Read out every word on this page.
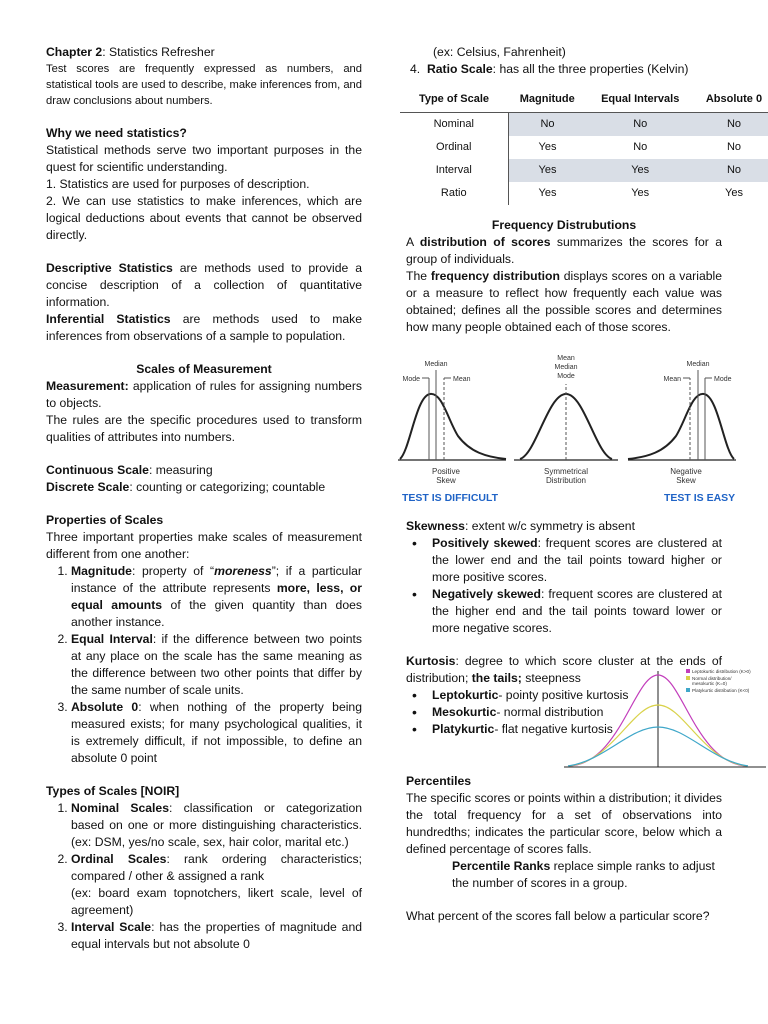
Chapter 2: Statistics Refresher

Test scores are frequently expressed as numbers, and statistical tools are used to describe, make inferences from, and draw conclusions about numbers.

Why we need statistics?

Statistical methods serve two important purposes in the quest for scientific understanding.

1. Statistics are used for purposes of description.

2. We can use statistics to make inferences, which are logical deductions about events that cannot be observed directly.

Descriptive Statistics are methods used to provide a concise description of a collection of quantitative information.

Inferential Statistics are methods used to make inferences from observations of a sample to population.

Scales of Measurement

Measurement: application of rules for assigning numbers to objects.

The rules are the specific procedures used to transform qualities of attributes into numbers.

Continuous Scale: measuring

Discrete Scale: counting or categorizing; countable

Properties of Scales

Three important properties make scales of measurement different from one another:

1. Magnitude: property of “moreness”; if a particular instance of the attribute represents more, less, or equal amounts of the given quantity than does another instance.
2. Equal Interval: if the difference between two points at any place on the scale has the same meaning as the difference between two other points that differ by the same number of scale units.
3. Absolute 0: when nothing of the property being measured exists; for many psychological qualities, it is extremely difficult, if not impossible, to define an absolute 0 point

Types of Scales [NOIR]

1. Nominal Scales: classification or categorization based on one or more distinguishing characteristics. (ex: DSM, yes/no scale, sex, hair color, marital etc.)
2. Ordinal Scales: rank ordering characteristics; compared / other & assigned a rank
(ex: board exam topnotchers, likert scale, level of agreement)
3. Interval Scale: has the properties of magnitude and equal intervals but not absolute 0

(ex: Celsius, Fahrenheit)

4. Ratio Scale: has all the three properties (Kelvin)

Type of Scale	Magnitude	Equal Intervals	Absolute 0
Nominal	No	No	No
Ordinal	Yes	No	No
Interval	Yes	Yes	No
Ratio	Yes	Yes	Yes

Frequency Distrubutions

A distribution of scores summarizes the scores for a group of individuals.

The frequency distribution displays scores on a variable or a measure to reflect how frequently each value was obtained; defines all the possible scores and determines how many people obtained each of those scores.

Median
Mode	Mean
Positive
Skew
Mean
Median
Mode
Symmetrical
Distribution
Median
Mean	Mode
Negative
Skew
TEST IS DIFFICULT	TEST IS EASY

Skewness: extent w/c symmetry is absent

• Positively skewed: frequent scores are clustered at the lower end and the tail points toward higher or more positive scores.
• Negatively skewed: frequent scores are clustered at the higher end and the tail points toward lower or more negative scores.

Kurtosis: degree to which score cluster at the ends of distribution; the tails; steepness

• Leptokurtic- pointy positive kurtosis
• Mesokurtic- normal distribution
• Platykurtic- flat negative kurtosis
Leptokurtic distribution (K>0)
Normal distribution/
mesokurtic (K=0)
Platykurtic distribution (K<0)

Percentiles

The specific scores or points within a distribution; it divides the total frequency for a set of observations into hundredths; indicates the particular score, below which a defined percentage of scores falls.

Percentile Ranks replace simple ranks to adjust the number of scores in a group.

What percent of the scores fall below a particular score?
